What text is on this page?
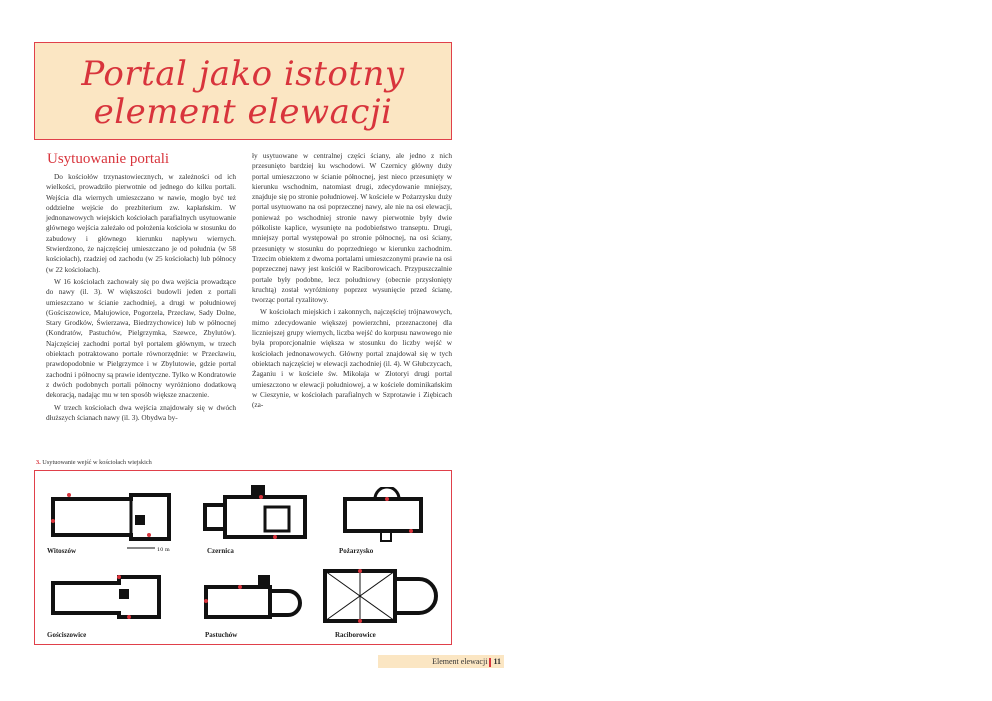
Portal jako istotny
element elewacji
Usytuowanie portali

Do kościołów trzynastowiecznych, w zależności od ich wielkości, prowadziło pierwotnie od jednego do kilku portali. Wejścia dla wiernych umieszczano w nawie, mogło być też oddzielne wejście do prezbiterium zw. kapłańskim. W jednonawowych wiejskich kościołach parafialnych usytuowanie głównego wejścia zależało od położenia kościoła w stosunku do zabudowy i głównego kierunku napływu wiernych. Stwierdzono, że najczęściej umieszczano je od południa (w 58 kościołach), rzadziej od zachodu (w 25 kościołach) lub północy (w 22 kościołach).

W 16 kościołach zachowały się po dwa wejścia prowadzące do nawy (il. 3). W większości budowli jeden z portali umieszczano w ścianie zachodniej, a drugi w południowej (Gościszowice, Małujowice, Pogorzela, Przecław, Sady Dolne, Stary Grodków, Świerzawa, Biedrzychowice) lub w północnej (Kondratów, Pastuchów, Pielgrzymka, Szewce, Zbylutów). Najczęściej zachodni portal był portalem głównym, w trzech obiektach potraktowano portale równorzędnie: w Przecławiu, prawdopodobnie w Pielgrzymce i w Zbylutowie, gdzie portal zachodni i północny są prawie identyczne. Tylko w Kondratowie z dwóch podobnych portali północny wyróżniono dodatkową dekoracją, nadając mu w ten sposób większe znaczenie.

W trzech kościołach dwa wejścia znajdowały się w dwóch dłuższych ścianach nawy (il. 3). Obydwa by-

ły usytuowane w centralnej części ściany, ale jedno z nich przesunięto bardziej ku wschodowi. W Czernicy główny duży portal umieszczono w ścianie północnej, jest nieco przesunięty w kierunku wschodnim, natomiast drugi, zdecydowanie mniejszy, znajduje się po stronie południowej. W kościele w Pożarzysku duży portal usytuowano na osi poprzecznej nawy, ale nie na osi elewacji, ponieważ po wschodniej stronie nawy pierwotnie były dwie półkoliste kaplice, wysunięte na podobieństwo transeptu. Drugi, mniejszy portal występował po stronie północnej, na osi ściany, przesunięty w stosunku do poprzedniego w kierunku zachodnim. Trzecim obiektem z dwoma portalami umieszczonymi prawie na osi poprzecznej nawy jest kościół w Raciborowicach. Przypuszczalnie portale były podobne, lecz południowy (obecnie przysłonięty kruchtą) został wyróżniony poprzez wysunięcie przed ścianę, tworząc portal ryzalitowy.

W kościołach miejskich i zakonnych, najczęściej trójnawowych, mimo zdecydowanie większej powierzchni, przeznaczonej dla liczniejszej grupy wiernych, liczba wejść do korpusu nawowego nie była proporcjonalnie większa w stosunku do liczby wejść w kościołach jednonawowych. Główny portal znajdował się w tych obiektach najczęściej w elewacji zachodniej (il. 4). W Głubczycach, Żaganiu i w kościele św. Mikołaja w Złotoryi drugi portal umieszczono w elewacji południowej, a w kościele dominikańskim w Cieszynie, w kościołach parafialnych w Szprotawie i Ziębicach (za-

3. Usytuowanie wejść w kościołach wiejskich
Witoszów	10 m	Czernica	Pożarzysko
Gościszowice	Pastuchów	Raciborowice
Element elewacji 11
